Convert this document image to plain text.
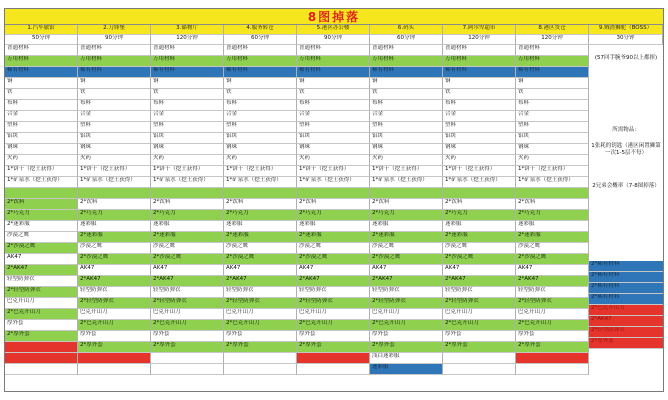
8图掉落
1.汽车旅馆
50分钟
普通材料
万用材料
稀有材料
铜
铁
布料
合金
塑料
铝块
钢珠
火药
1*饼干（挖土获得）
1*矿泉水（挖土获得）
2*饮料
2*巧克力
2*迷彩服
沙漠之鹰
2*沙漠之鹰
AK47
2*AK47
轻型防弹衣
2*轻型防弹衣
巴克开山刀
2*巴克开山刀
厚外套
2*厚外套
2.刀锋堡
90分钟
普通材料
万用材料
稀有材料
铜
铁
布料
合金
塑料
铝块
钢珠
火药
1*饼干（挖土获得）
1*矿泉水（挖土获得）
2*饮料
2*巧克力
迷彩服
2*迷彩服
沙漠之鹰
2*沙漠之鹰
AK47
2*AK47
轻型防弹衣
2*轻型防弹衣
巴克开山刀
2*巴克开山刀
厚外套
2*厚外套
3.储物厅
120分钟
普通材料
万用材料
稀有材料
铜
铁
布料
合金
塑料
铝块
钢珠
火药
1*饼干（挖土获得）
1*矿泉水（挖土获得）
2*饮料
2*巧克力
迷彩服
2*迷彩服
沙漠之鹰
2*沙漠之鹰
AK47
2*AK47
轻型防弹衣
2*轻型防弹衣
巴克开山刀
2*巴克开山刀
厚外套
2*厚外套
4.服务转仓
60分钟
普通材料
万用材料
稀有材料
铜
铁
布料
合金
塑料
铝块
钢珠
火药
1*饼干（挖土获得）
1*矿泉水（挖土获得）
2*饮料
2*巧克力
迷彩服
2*迷彩服
沙漠之鹰
2*沙漠之鹰
AK47
2*AK47
轻型防弹衣
2*轻型防弹衣
巴克开山刀
2*巴克开山刀
厚外套
2*厚外套
5.港区办公楼
90分钟
普通材料
万用材料
稀有材料
铜
铁
布料
合金
塑料
铝块
钢珠
火药
1*饼干（挖土获得）
1*矿泉水（挖土获得）
2*饮料
2*巧克力
迷彩服
2*迷彩服
沙漠之鹰
2*沙漠之鹰
AK47
2*AK47
轻型防弹衣
2*轻型防弹衣
巴克开山刀
2*巴克开山刀
厚外套
2*厚外套
6.码头
60分钟
普通材料
万用材料
稀有材料
铜
铁
布料
合金
塑料
铝块
钢珠
火药
1*饼干（挖土获得）
1*矿泉水（挖土获得）
2*饮料
2*巧克力
迷彩服
2*迷彩服
沙漠之鹰
2*沙漠之鹰
AK47
2*AK47
轻型防弹衣
2*轻型防弹衣
巴克开山刀
2*巴克开山刀
厚外套
2*厚外套
浅白迷彩服
迷彩服
7.阿尔卑超市
120分钟
普通材料
万用材料
稀有材料
铜
铁
布料
合金
塑料
铝块
钢珠
火药
1*饼干（挖土获得）
1*矿泉水（挖土获得）
2*饮料
2*巧克力
迷彩服
2*迷彩服
沙漠之鹰
2*沙漠之鹰
AK47
2*AK47
轻型防弹衣
2*轻型防弹衣
巴克开山刀
2*巴克开山刀
厚外套
2*厚外套
8.港区货仓
120分钟
普通材料
万用材料
稀有材料
铜
铁
布料
合金
塑料
铝块
钢珠
火药
1*饼干（挖土获得）
1*矿泉水（挖土获得）
2*饮料
2*巧克力
迷彩服
2*迷彩服
沙漠之鹰
2*沙漠之鹰
AK47
2*AK47
轻型防弹衣
2*轻型防弹衣
巴克开山刀
2*巴克开山刀
厚外套
2*厚外套
9.贼渣狮驼（BOSS）
30分钟
(57回手腕爷90以上都摔)
所需物品：
1张耗的钥匙（港区闲置狮第一次1-5层不每）
2兄弟会概率（7-8图掉落）
2*稀有材料
2*稀有材料
2*稀有材料
2*稀有材料
2*巴克开山刀
2*AK47
2*轻型防弹衣
2*厚外套
